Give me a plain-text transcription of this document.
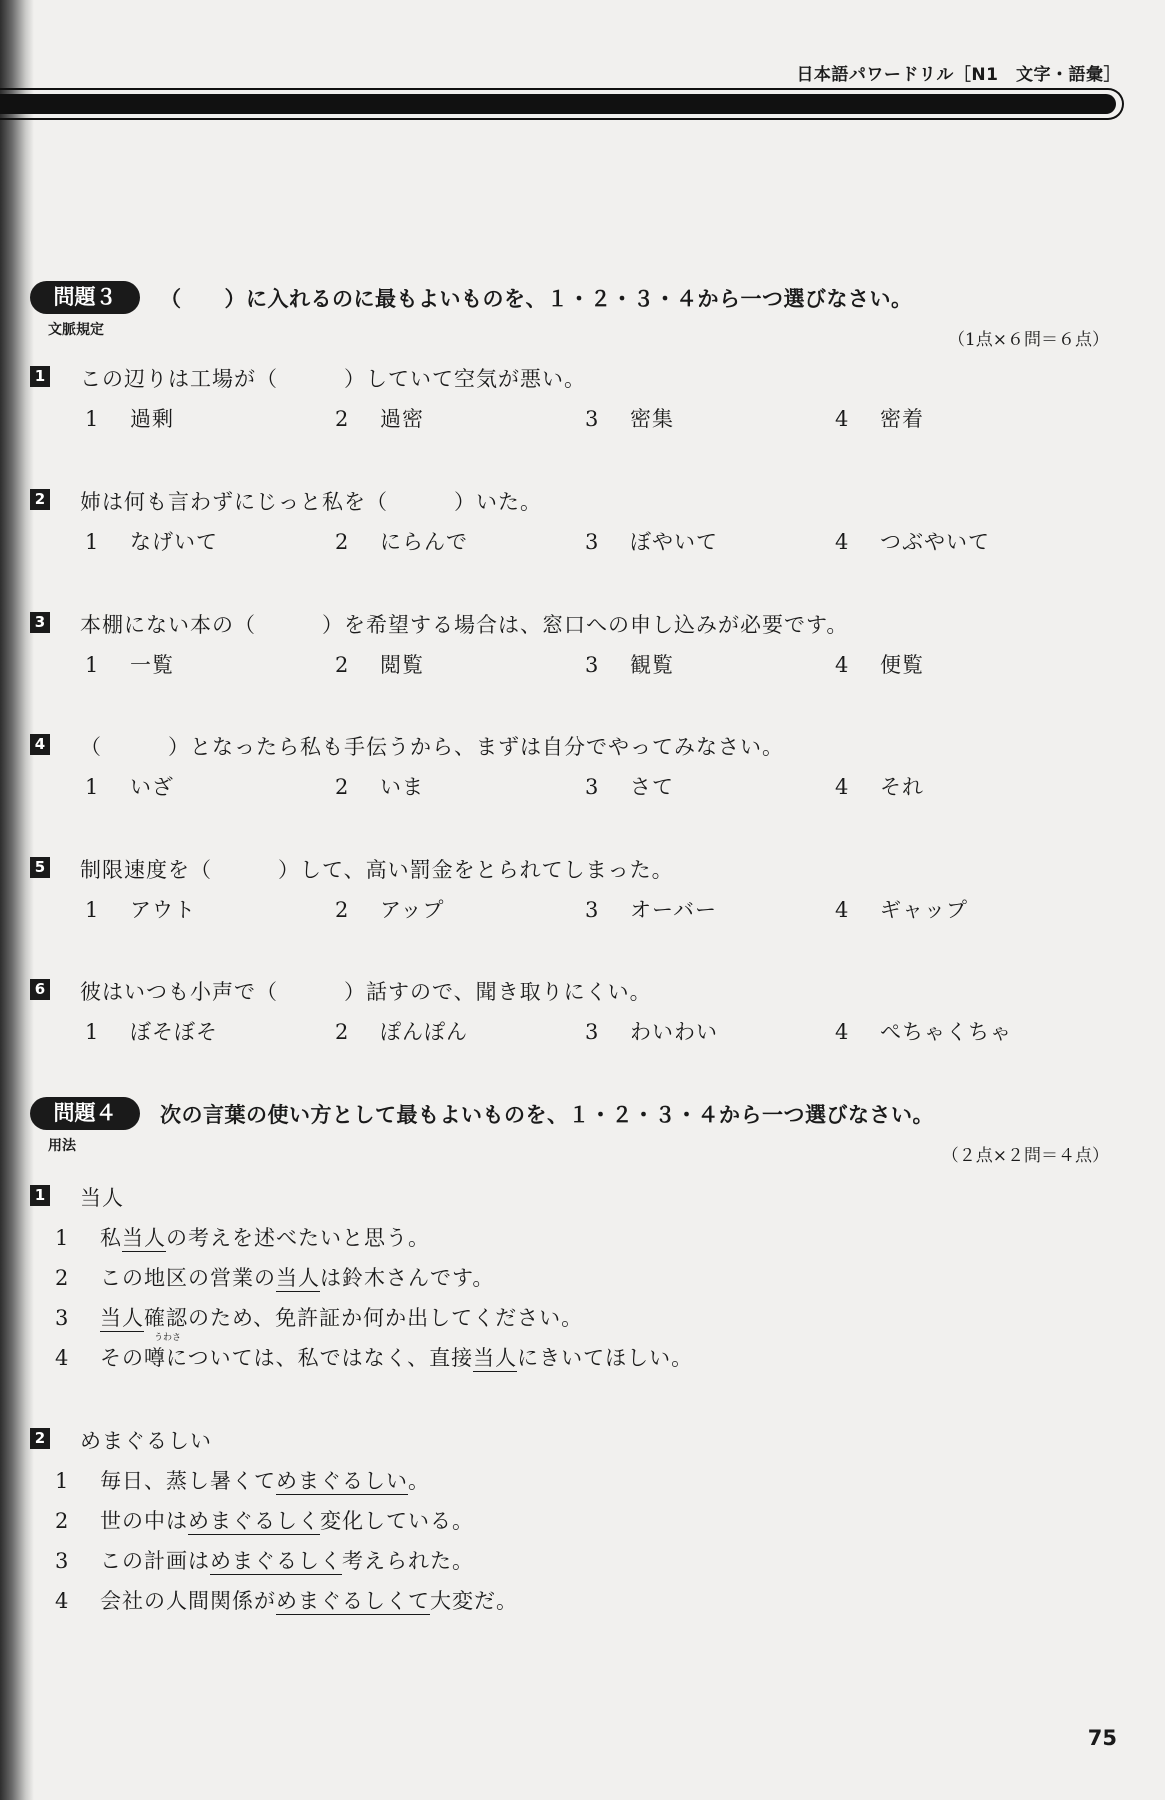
日本語パワードリル［N1　文字・語彙］
問題３	（　　）に入れるのに最もよいものを、１・２・３・４から一つ選びなさい。
文脈規定	（1点×６問＝６点）
1 この辺りは工場が（　　　）していて空気が悪い。
1 過剰	2 過密	3 密集	4 密着
2 姉は何も言わずにじっと私を（　　　）いた。
1 なげいて	2 にらんで	3 ぼやいて	4 つぶやいて
3 本棚にない本の（　　　）を希望する場合は、窓口への申し込みが必要です。
1 一覧	2 閲覧	3 観覧	4 便覧
4 （　　　）となったら私も手伝うから、まずは自分でやってみなさい。
1 いざ	2 いま	3 さて	4 それ
5 制限速度を（　　　）して、高い罰金をとられてしまった。
1 アウト	2 アップ	3 オーバー	4 ギャップ
6 彼はいつも小声で（　　　）話すので、聞き取りにくい。
1 ぼそぼそ	2 ぽんぽん	3 わいわい	4 ぺちゃくちゃ
問題４	次の言葉の使い方として最もよいものを、１・２・３・４から一つ選びなさい。
用法	（２点×２問＝４点）
1 当人
1 私当人の考えを述べたいと思う。
2 この地区の営業の当人は鈴木さんです。
3 当人確認のため、免許証か何か出してください。
4 その噂については、私ではなく、直接当人にきいてほしい。
うわさ
2 めまぐるしい
1 毎日、蒸し暑くてめまぐるしい。
2 世の中はめまぐるしく変化している。
3 この計画はめまぐるしく考えられた。
4 会社の人間関係がめまぐるしくて大変だ。
75
